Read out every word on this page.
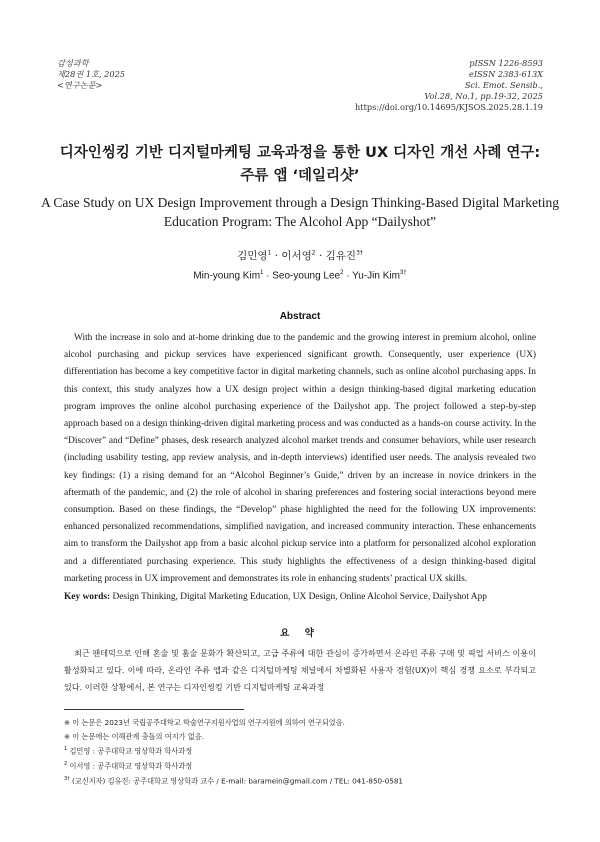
감성과학
제28권 1호, 2025
<연구논문>
pISSN 1226-8593
eISSN 2383-613X
Sci. Emot. Sensib.,
Vol.28, No.1, pp.19-32, 2025
https://doi.org/10.14695/KJSOS.2025.28.1.19
디자인씽킹 기반 디지털마케팅 교육과정을 통한 UX 디자인 개선 사례 연구:
주류 앱 ‘데일리샷’
A Case Study on UX Design Improvement through a Design Thinking-Based Digital Marketing
Education Program: The Alcohol App “Dailyshot”
김민영$^1$ · 이서영$^2$ · 김유진$^{3\dagger}$
Min-young Kim$^1$ · Seo-young Lee$^2$ · Yu-Jin Kim$^{3\dagger}$
Abstract

With the increase in solo and at-home drinking due to the pandemic and the growing interest in premium alcohol, online alcohol purchasing and pickup services have experienced significant growth. Consequently, user experience (UX) differentiation has become a key competitive factor in digital marketing channels, such as online alcohol purchasing apps. In this context, this study analyzes how a UX design project within a design thinking-based digital marketing education program improves the online alcohol purchasing experience of the Dailyshot app. The project followed a step-by-step approach based on a design thinking-driven digital marketing process and was conducted as a hands-on course activity. In the “Discover” and “Define” phases, desk research analyzed alcohol market trends and consumer behaviors, while user research (including usability testing, app review analysis, and in-depth interviews) identified user needs. The analysis revealed two key findings: (1) a rising demand for an “Alcohol Beginner’s Guide,” driven by an increase in novice drinkers in the aftermath of the pandemic, and (2) the role of alcohol in sharing preferences and fostering social interactions beyond mere consumption. Based on these findings, the “Develop” phase highlighted the need for the following UX improvements: enhanced personalized recommendations, simplified navigation, and increased community interaction. These enhancements aim to transform the Dailyshot app from a basic alcohol pickup service into a platform for personalized alcohol exploration and a differentiated purchasing experience. This study highlights the effectiveness of a design thinking-based digital marketing process in UX improvement and demonstrates its role in enhancing students’ practical UX skills.

Key words: Design Thinking, Digital Marketing Education, UX Design, Online Alcohol Service, Dailyshot App
요 약

최근 팬데믹으로 인해 혼술 및 홈술 문화가 확산되고, 고급 주류에 대한 관심이 증가하면서 온라인 주류 구매 및 픽업 서비스 이용이 활성화되고 있다. 이에 따라, 온라인 주류 앱과 같은 디지털마케팅 채널에서 차별화된 사용자 경험(UX)이 핵심 경쟁 요소로 부각되고 있다. 이러한 상황에서, 본 연구는 디자인씽킹 기반 디지털마케팅 교육과정

※ 이 논문은 2023년 국립공주대학교 학술연구지원사업의 연구지원에 의하여 연구되었음.
※ 이 논문에는 이해관계 충돌의 여지가 없음.
$^1$ 김민영 : 공주대학교 영상학과 학사과정
$^2$ 이서영 : 공주대학교 영상학과 학사과정
$^{3\dagger}$ (교신저자) 김유진: 공주대학교 영상학과 교수 / E-mail: baramein@gmail.com / TEL: 041-850-0581
